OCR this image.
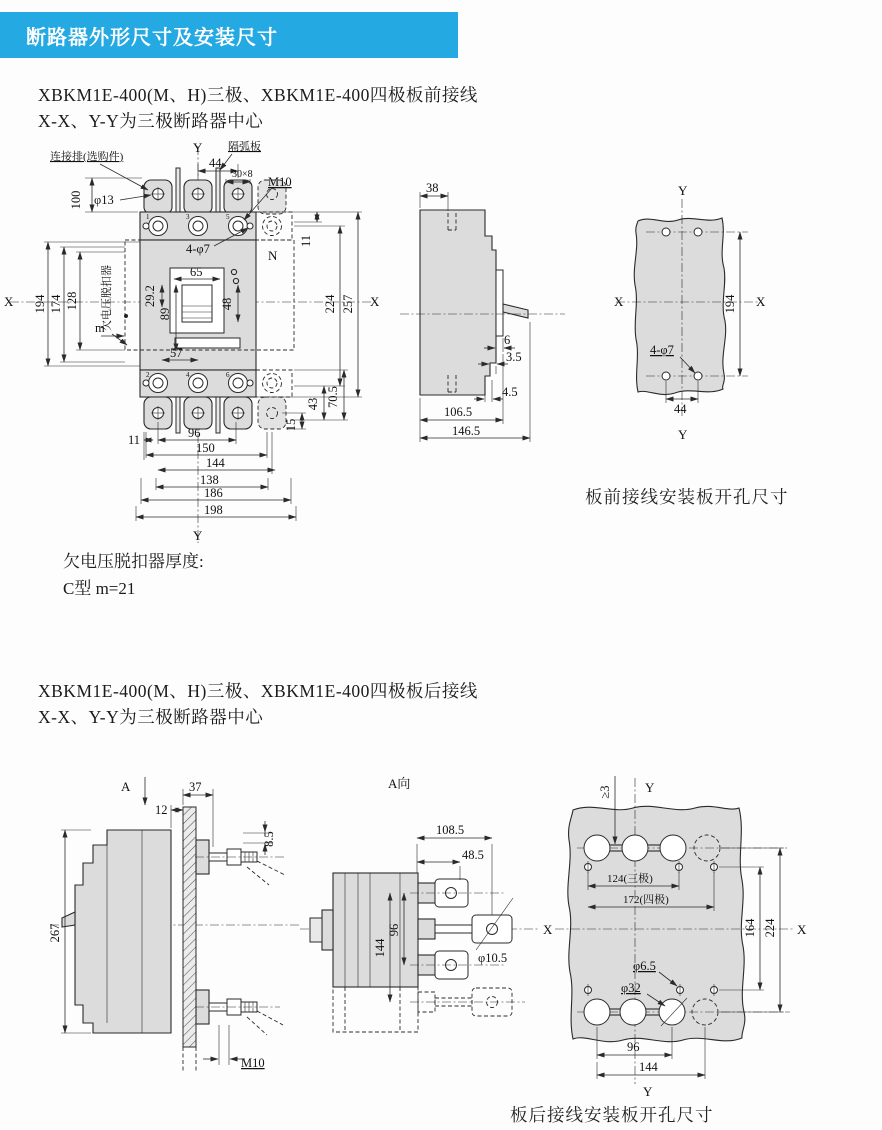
断路器外形尺寸及安装尺寸
XBKM1E-400(M、H)三极、XBKM1E-400四极板前接线
X-X、Y-Y为三极断路器中心
Y
44
30×8
M10
隔弧板
连接排(选购件)
100 φ13
1	3	5
2	4	6
4-φ7	N
65
48
29.2
89
57
X 194 174 128 欠电压脱扣器
m
11
224 257 X
70.5
43
15
11	96
150
144
138
186
198
Y
38
6
3.5
4.5
106.5
146.5
Y
Y
X	X
194
4-φ7
44
板前接线安装板开孔尺寸
欠电压脱扣器厚度:
C型 m=21
XBKM1E-400(M、H)三极、XBKM1E-400四极板后接线
X-X、Y-Y为三极断路器中心
A	37
12
8.5
267
M10
A向
108.5
48.5
144
96
φ10.5
≥3	Y
Y
X	X
124(三极)
172(四极)
164 224
φ6.5
φ32
96
144
板后接线安装板开孔尺寸
